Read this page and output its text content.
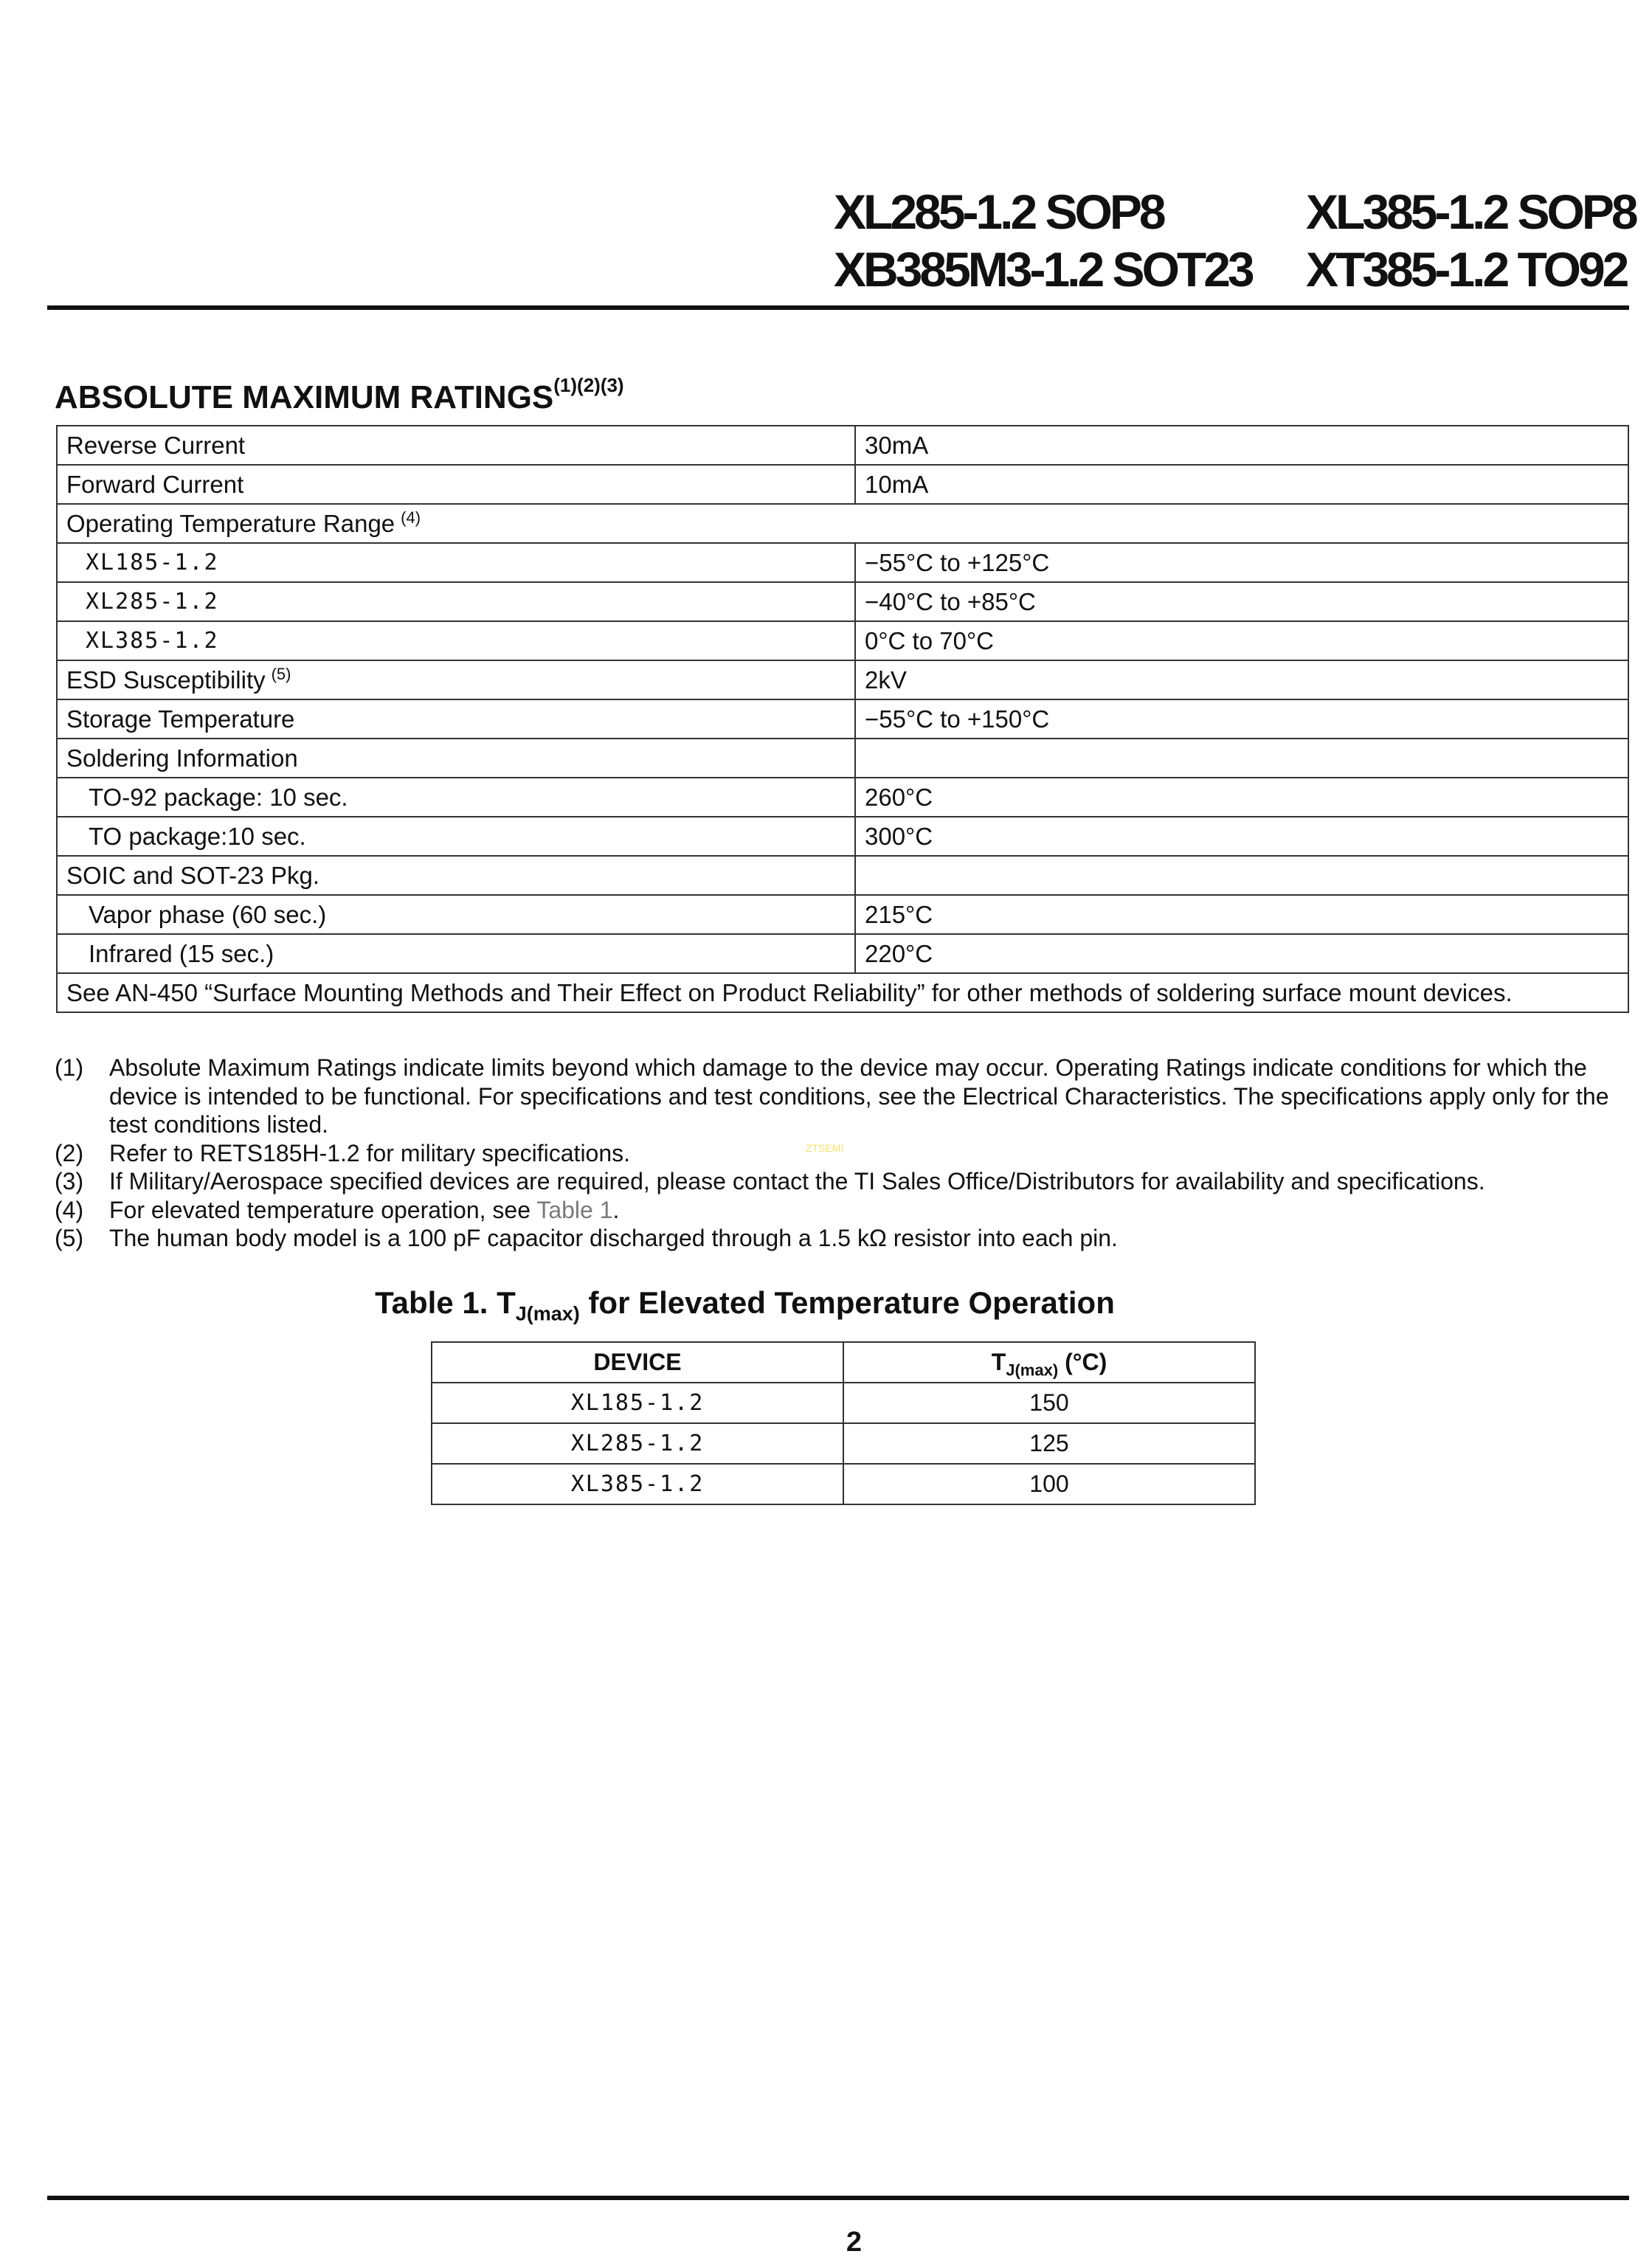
XL285-1.2 SOP8
XB385M3-1.2 SOT23
XL385-1.2 SOP8
XT385-1.2 TO92
ABSOLUTE MAXIMUM $RATINGS^{(1)(2)(3)}$
Reverse Current	30mA
Forward Current	10mA
Operating Temperature Range $^{(4)}$
XL185-1.2	−55°C to +125°C
XL285-1.2	−40°C to +85°C
XL385-1.2	0°C to 70°C
ESD Susceptibility $^{(5)}$	2kV
Storage Temperature	−55°C to +150°C
Soldering Information	
TO-92 package: 10 sec.	260°C
TO package:10 sec.	300°C
SOIC and SOT-23 Pkg.	
Vapor phase (60 sec.)	215°C
Infrared (15 sec.)	220°C
See AN-450 “Surface Mounting Methods and Their Effect on Product Reliability” for other methods of soldering surface mount devices.	
(1)	Absolute Maximum Ratings indicate limits beyond which damage to the device may occur. Operating Ratings indicate conditions for which the device is intended to be functional. For specifications and test conditions, see the Electrical Characteristics. The specifications apply only for the test conditions listed.
(2)	Refer to RETS185H-1.2 for military specifications.
(3)	If Military/Aerospace specified devices are required, please contact the TI Sales Office/Distributors for availability and specifications.
(4)	For elevated temperature operation, see Table 1.
(5)	The human body model is a 100 pF capacitor discharged through a 1.5 kΩ resistor into each pin.
ZTSEMI
Table 1. $T_{J(max)}$ for Elevated Temperature Operation
DEVICE	$T_{J(max)}$ (°C)
XL185-1.2	150
XL285-1.2	125
XL385-1.2	100
2
